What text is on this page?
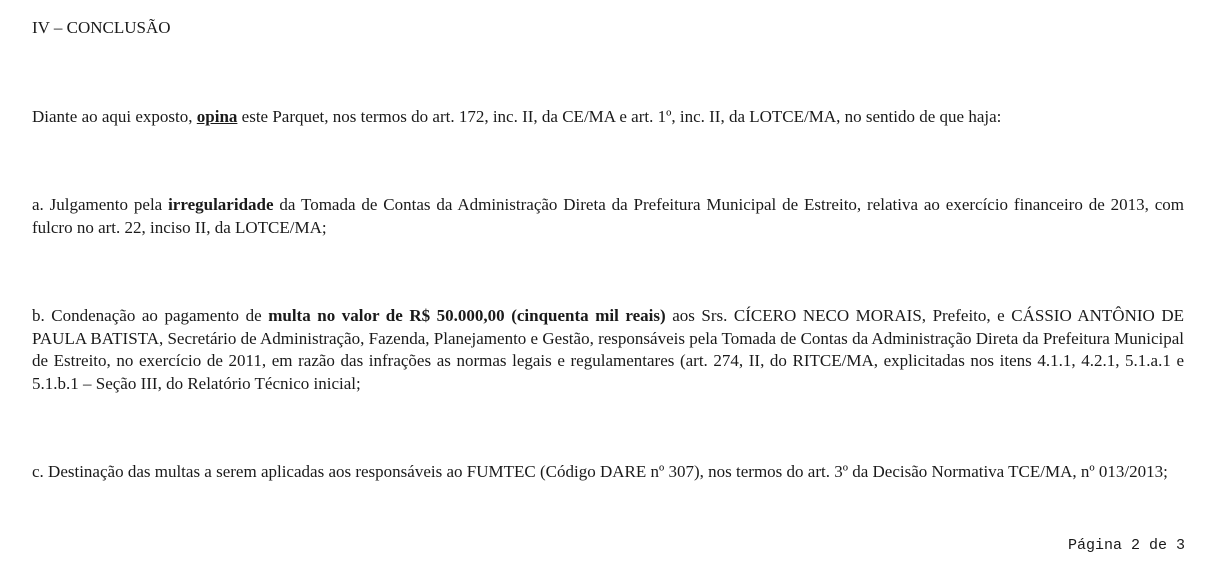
IV – CONCLUSÃO

Diante ao aqui exposto, opina este Parquet, nos termos do art. 172, inc. II, da CE/MA e art. 1º, inc. II, da LOTCE/MA, no sentido de que haja:

a. Julgamento pela irregularidade da Tomada de Contas da Administração Direta da Prefeitura Municipal de Estreito, relativa ao exercício financeiro de 2013, com fulcro no art. 22, inciso II, da LOTCE/MA;

b. Condenação ao pagamento de multa no valor de R$ 50.000,00 (cinquenta mil reais) aos Srs. CÍCERO NECO MORAIS, Prefeito, e CÁSSIO ANTÔNIO DE PAULA BATISTA, Secretário de Administração, Fazenda, Planejamento e Gestão, responsáveis pela Tomada de Contas da Administração Direta da Prefeitura Municipal de Estreito, no exercício de 2011, em razão das infrações as normas legais e regulamentares (art. 274, II, do RITCE/MA, explicitadas nos itens 4.1.1, 4.2.1, 5.1.a.1 e 5.1.b.1 – Seção III, do Relatório Técnico inicial;

c. Destinação das multas a serem aplicadas aos responsáveis ao FUMTEC (Código DARE nº 307), nos termos do art. 3º da Decisão Normativa TCE/MA, nº 013/2013;

Página 2 de 3
